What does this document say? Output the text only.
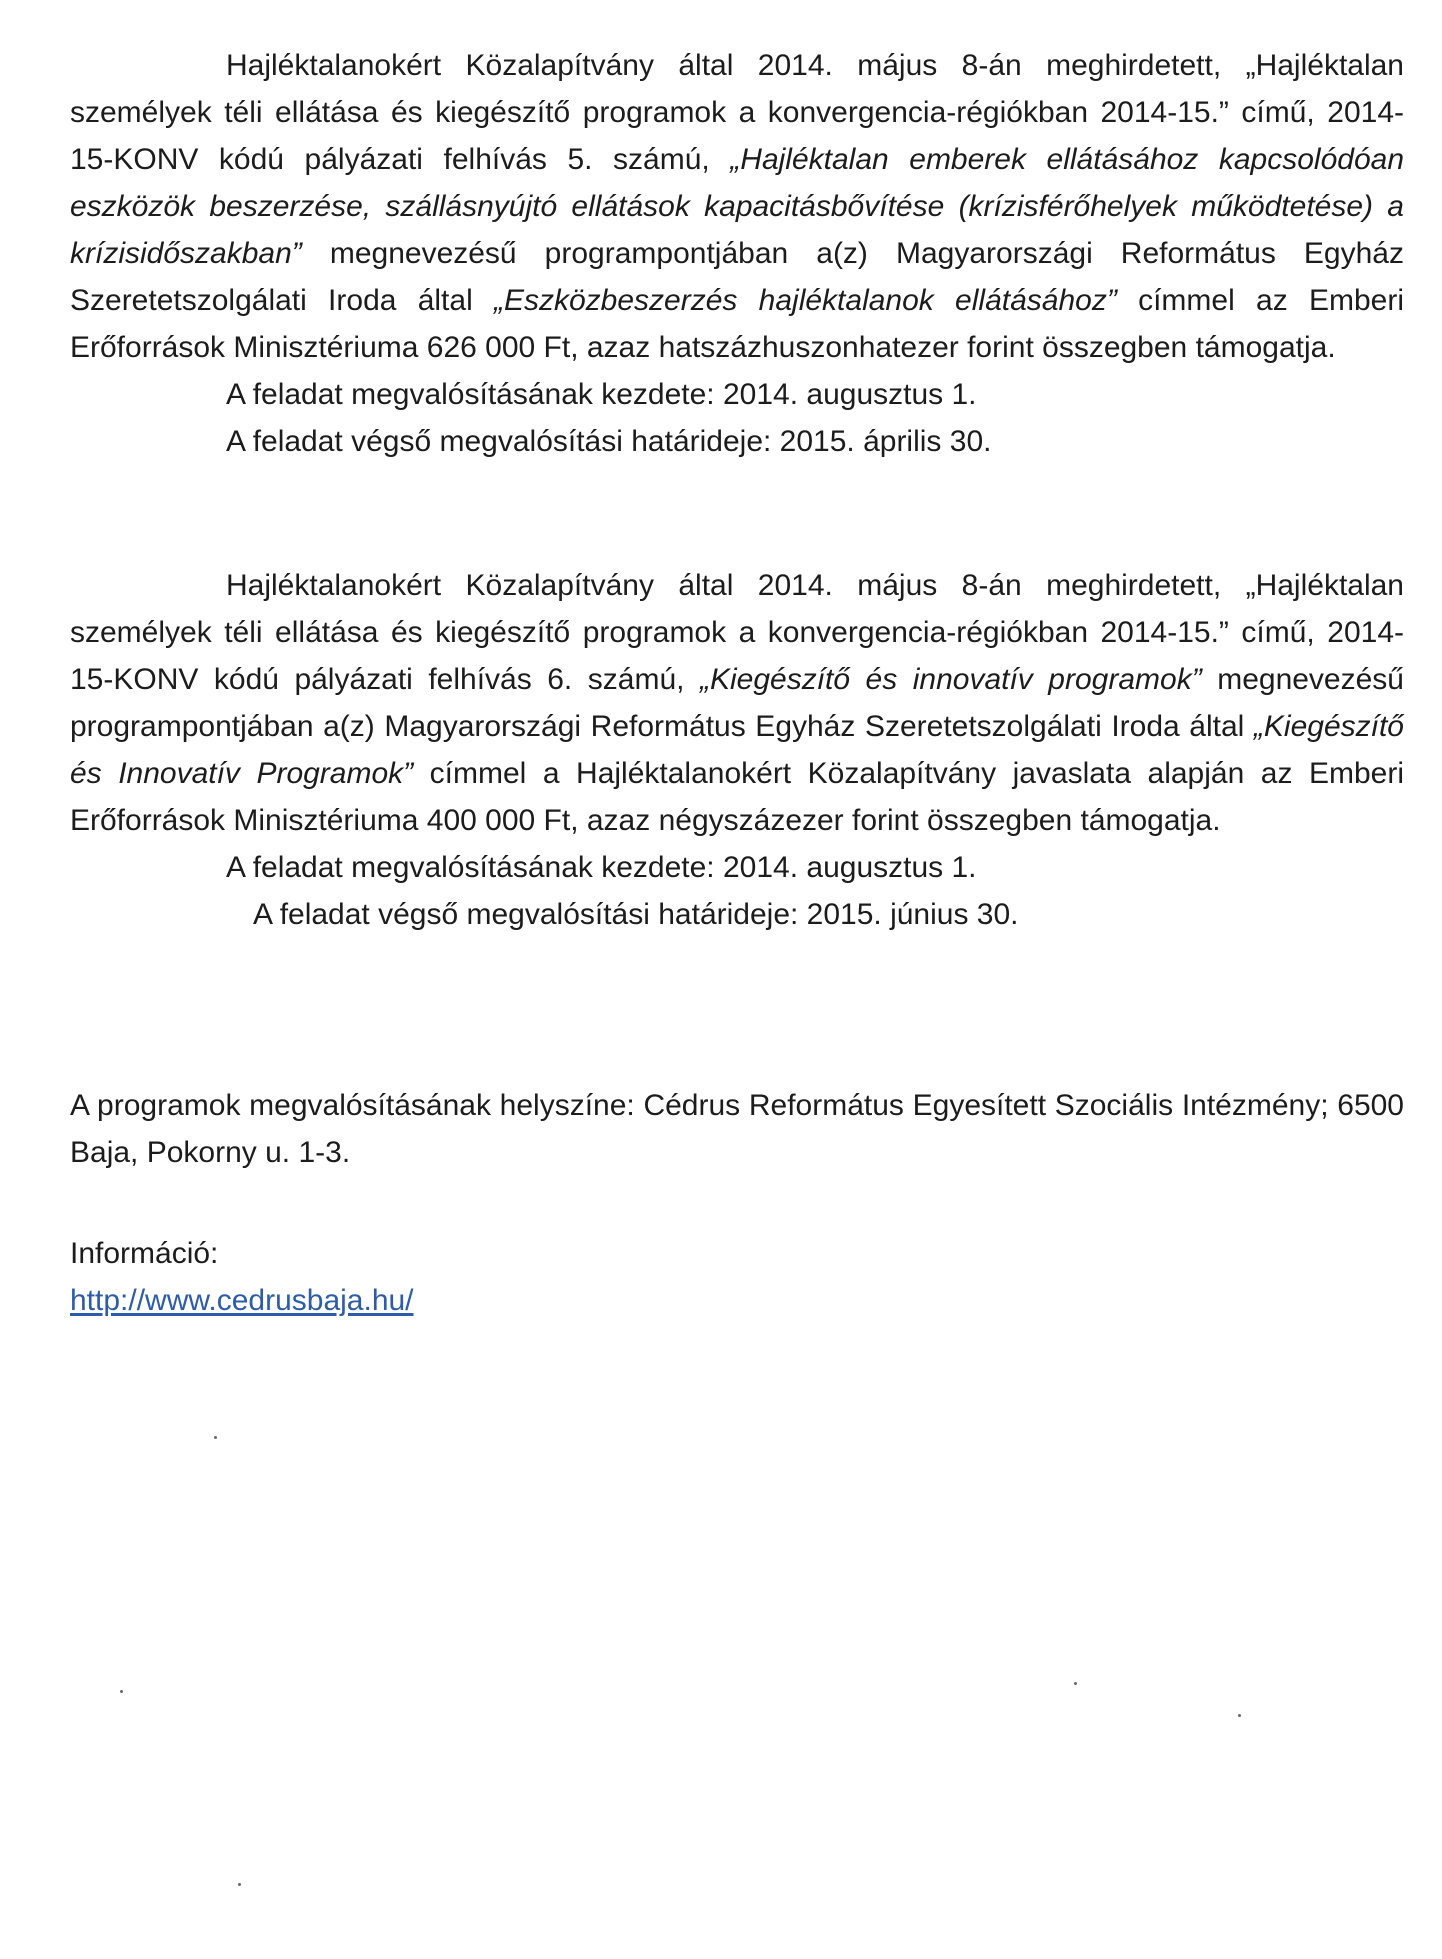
Hajléktalanokért Közalapítvány által 2014. május 8-án meghirdetett, „Hajléktalan személyek téli ellátása és kiegészítő programok a konvergencia-régiókban 2014-15.” című, 2014-15-KONV kódú pályázati felhívás 5. számú, „Hajléktalan emberek ellátásához kapcsolódóan eszközök beszerzése, szállásnyújtó ellátások kapacitásbővítése (krízisférőhelyek működtetése) a krízisidőszakban” megnevezésű programpontjában a(z) Magyarországi Református Egyház Szeretetszolgálati Iroda által „Eszközbeszerzés hajléktalanok ellátásához” címmel az Emberi Erőforrások Minisztériuma 626 000 Ft, azaz hatszázhuszonhatezer forint összegben támogatja.

A feladat megvalósításának kezdete: 2014. augusztus 1.

A feladat végső megvalósítási határideje: 2015. április 30.

Hajléktalanokért Közalapítvány által 2014. május 8-án meghirdetett, „Hajléktalan személyek téli ellátása és kiegészítő programok a konvergencia-régiókban 2014-15.” című, 2014-15-KONV kódú pályázati felhívás 6. számú, „Kiegészítő és innovatív programok” megnevezésű programpontjában a(z) Magyarországi Református Egyház Szeretetszolgálati Iroda által „Kiegészítő és Innovatív Programok” címmel a Hajléktalanokért Közalapítvány javaslata alapján az Emberi Erőforrások Minisztériuma 400 000 Ft, azaz négyszázezer forint összegben támogatja.

A feladat megvalósításának kezdete: 2014. augusztus 1.

A feladat végső megvalósítási határideje: 2015. június 30.

A programok megvalósításának helyszíne: Cédrus Református Egyesített Szociális Intézmény; 6500 Baja, Pokorny u. 1-3.

Információ:

http://www.cedrusbaja.hu/
